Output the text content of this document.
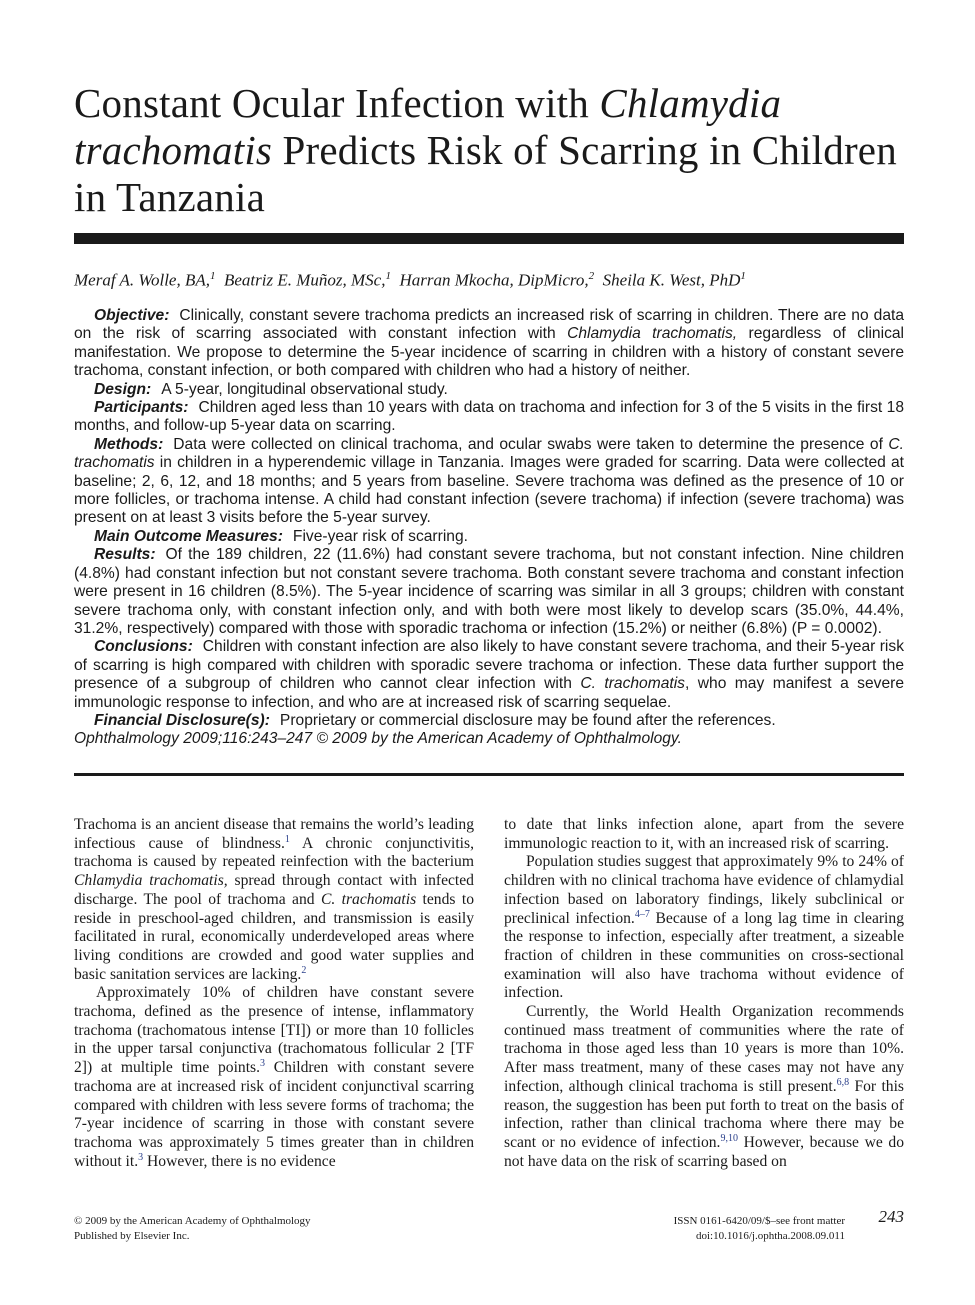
Constant Ocular Infection with Chlamydia trachomatis Predicts Risk of Scarring in Children in Tanzania
Meraf A. Wolle, BA,$^1$ Beatriz E. Muñoz, MSc,$^1$ Harran Mkocha, DipMicro,$^2$ Sheila K. West, PhD$^1$

Objective: Clinically, constant severe trachoma predicts an increased risk of scarring in children. There are no data on the risk of scarring associated with constant infection with Chlamydia trachomatis, regardless of clinical manifestation. We propose to determine the 5-year incidence of scarring in children with a history of constant severe trachoma, constant infection, or both compared with children who had a history of neither.

Design: A 5-year, longitudinal observational study.

Participants: Children aged less than 10 years with data on trachoma and infection for 3 of the 5 visits in the first 18 months, and follow-up 5-year data on scarring.

Methods: Data were collected on clinical trachoma, and ocular swabs were taken to determine the presence of C. trachomatis in children in a hyperendemic village in Tanzania. Images were graded for scarring. Data were collected at baseline; 2, 6, 12, and 18 months; and 5 years from baseline. Severe trachoma was defined as the presence of 10 or more follicles, or trachoma intense. A child had constant infection (severe trachoma) if infection (severe trachoma) was present on at least 3 visits before the 5-year survey.

Main Outcome Measures: Five-year risk of scarring.

Results: Of the 189 children, 22 (11.6%) had constant severe trachoma, but not constant infection. Nine children (4.8%) had constant infection but not constant severe trachoma. Both constant severe trachoma and constant infection were present in 16 children (8.5%). The 5-year incidence of scarring was similar in all 3 groups; children with constant severe trachoma only, with constant infection only, and with both were most likely to develop scars (35.0%, 44.4%, 31.2%, respectively) compared with those with sporadic trachoma or infection (15.2%) or neither (6.8%) (P = 0.0002).

Conclusions: Children with constant infection are also likely to have constant severe trachoma, and their 5-year risk of scarring is high compared with children with sporadic severe trachoma or infection. These data further support the presence of a subgroup of children who cannot clear infection with C. trachomatis, who may manifest a severe immunologic response to infection, and who are at increased risk of scarring sequelae.

Financial Disclosure(s): Proprietary or commercial disclosure may be found after the references.

Ophthalmology 2009;116:243–247 © 2009 by the American Academy of Ophthalmology.

Trachoma is an ancient disease that remains the world’s leading infectious cause of blindness.$^1$ A chronic conjunctivitis, trachoma is caused by repeated reinfection with the bacterium Chlamydia trachomatis, spread through contact with infected discharge. The pool of trachoma and C. trachomatis tends to reside in preschool-aged children, and transmission is easily facilitated in rural, economically underdeveloped areas where living conditions are crowded and good water supplies and basic sanitation services are lacking.$^2$

Approximately 10% of children have constant severe trachoma, defined as the presence of intense, inflammatory trachoma (trachomatous intense [TI]) or more than 10 follicles in the upper tarsal conjunctiva (trachomatous follicular 2 [TF 2]) at multiple time points.$^3$ Children with constant severe trachoma are at increased risk of incident conjunctival scarring compared with children with less severe forms of trachoma; the 7-year incidence of scarring in those with constant severe trachoma was approximately 5 times greater than in children without it.$^3$ However, there is no evidence

to date that links infection alone, apart from the severe immunologic reaction to it, with an increased risk of scarring.

Population studies suggest that approximately 9% to 24% of children with no clinical trachoma have evidence of chlamydial infection based on laboratory findings, likely subclinical or preclinical infection.$^{4-7}$ Because of a long lag time in clearing the response to infection, especially after treatment, a sizeable fraction of children in these communities on cross-sectional examination will also have trachoma without evidence of infection.

Currently, the World Health Organization recommends continued mass treatment of communities where the rate of trachoma in those aged less than 10 years is more than 10%. After mass treatment, many of these cases may not have any infection, although clinical trachoma is still present.$^{6,8}$ For this reason, the suggestion has been put forth to treat on the basis of infection, rather than clinical trachoma where there may be scant or no evidence of infection.$^{9,10}$ However, because we do not have data on the risk of scarring based on

© 2009 by the American Academy of Ophthalmology
Published by Elsevier Inc.
ISSN 0161-6420/09/$–see front matter
doi:10.1016/j.ophtha.2008.09.011
243
